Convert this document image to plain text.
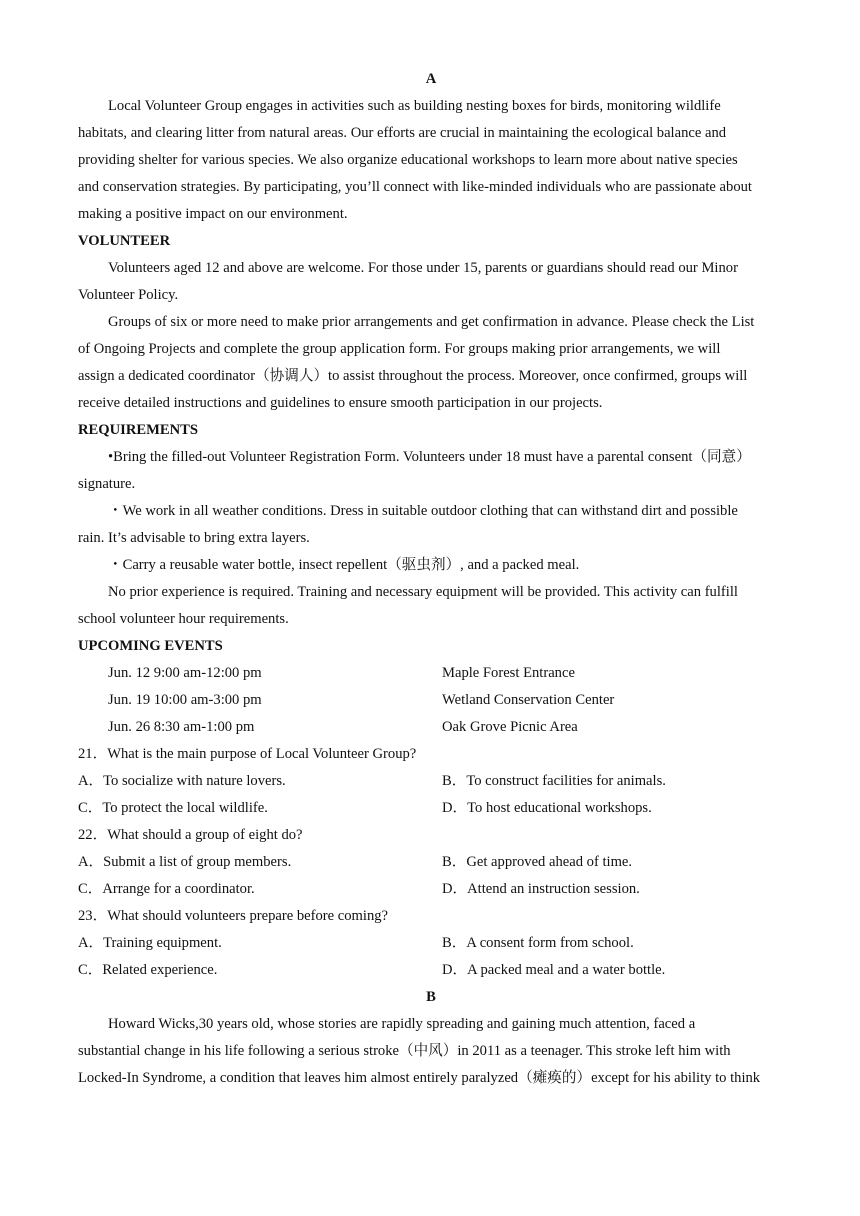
A
Local Volunteer Group engages in activities such as building nesting boxes for birds, monitoring wildlife
habitats, and clearing litter from natural areas. Our efforts are crucial in maintaining the ecological balance and
providing shelter for various species. We also organize educational workshops to learn more about native species
and conservation strategies. By participating, you’ll connect with like-minded individuals who are passionate about
making a positive impact on our environment.
VOLUNTEER
Volunteers aged 12 and above are welcome. For those under 15, parents or guardians should read our Minor
Volunteer Policy.
Groups of six or more need to make prior arrangements and get confirmation in advance. Please check the List
of Ongoing Projects and complete the group application form. For groups making prior arrangements, we will
assign a dedicated coordinator（协调人）to assist throughout the process. Moreover, once confirmed, groups will
receive detailed instructions and guidelines to ensure smooth participation in our projects.
REQUIREMENTS
•Bring the filled-out Volunteer Registration Form. Volunteers under 18 must have a parental consent（同意）
signature.
・We work in all weather conditions. Dress in suitable outdoor clothing that can withstand dirt and possible
rain. It’s advisable to bring extra layers.
・Carry a reusable water bottle, insect repellent（驱虫剂）, and a packed meal.
No prior experience is required. Training and necessary equipment will be provided. This activity can fulfill
school volunteer hour requirements.
UPCOMING EVENTS
Jun. 12 9:00 am-12:00 pm	Maple Forest Entrance
Jun. 19 10:00 am-3:00 pm	Wetland Conservation Center
Jun. 26 8:30 am-1:00 pm	Oak Grove Picnic Area
21．What is the main purpose of Local Volunteer Group?
A．To socialize with nature lovers.	B．To construct facilities for animals.
C．To protect the local wildlife.	D．To host educational workshops.
22．What should a group of eight do?
A．Submit a list of group members.	B．Get approved ahead of time.
C．Arrange for a coordinator.	D．Attend an instruction session.
23．What should volunteers prepare before coming?
A．Training equipment.	B．A consent form from school.
C．Related experience.	D．A packed meal and a water bottle.
B
Howard Wicks,30 years old, whose stories are rapidly spreading and gaining much attention, faced a
substantial change in his life following a serious stroke（中风）in 2011 as a teenager. This stroke left him with
Locked-In Syndrome, a condition that leaves him almost entirely paralyzed（瘫痪的）except for his ability to think
